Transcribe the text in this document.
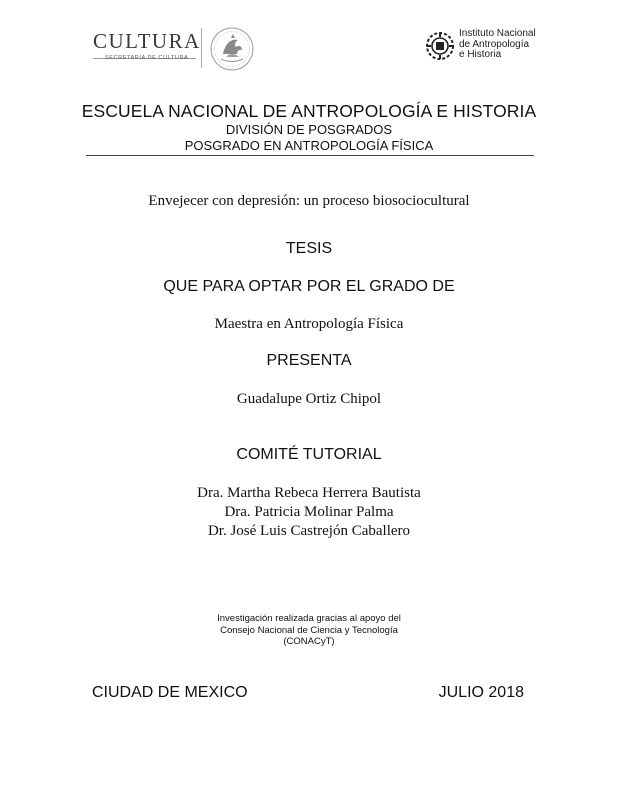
CULTURA
SECRETARÍA DE CULTURA
Instituto Nacional
de Antropología
e Historia
ESCUELA NACIONAL DE ANTROPOLOGÍA E HISTORIA
DIVISIÓN DE POSGRADOS
POSGRADO EN ANTROPOLOGÍA FÍSICA
Envejecer con depresión: un proceso biosociocultural
TESIS
QUE PARA OPTAR POR EL GRADO DE
Maestra en Antropología Física
PRESENTA
Guadalupe Ortiz Chipol
COMITÉ TUTORIAL
Dra. Martha Rebeca Herrera Bautista
Dra. Patricia Molinar Palma
Dr. José Luis Castrejón Caballero
Investigación realizada gracias al apoyo del
Consejo Nacional de Ciencia y Tecnología
(CONACyT)
CIUDAD DE MEXICO	JULIO 2018
